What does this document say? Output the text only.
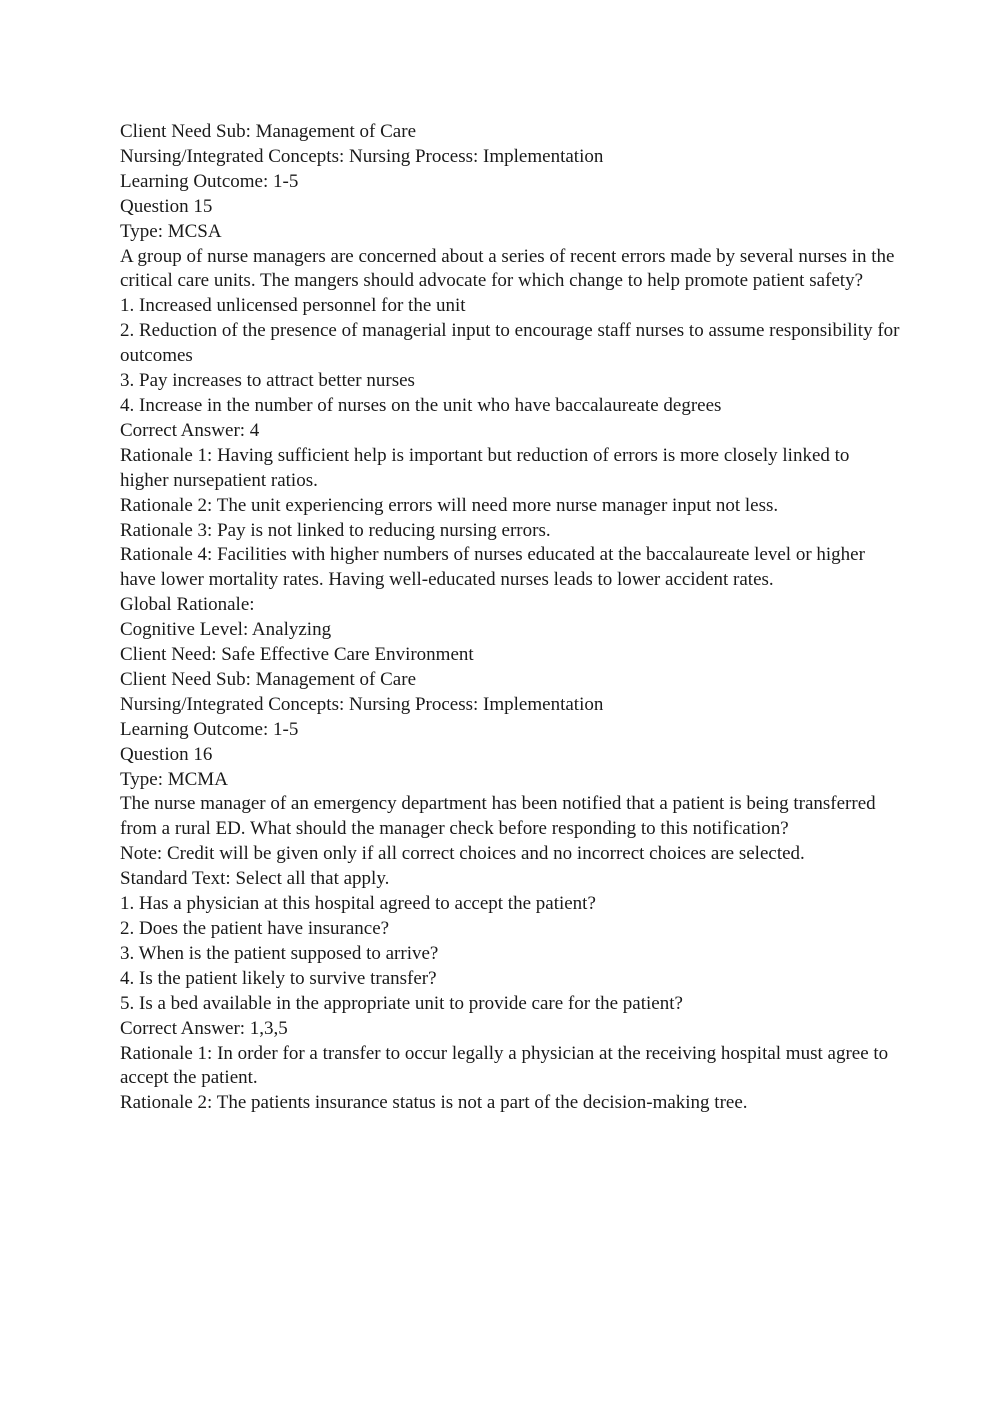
Client Need Sub: Management of Care
Nursing/Integrated Concepts: Nursing Process: Implementation
Learning Outcome: 1-5
Question 15
Type: MCSA
A group of nurse managers are concerned about a series of recent errors made by several nurses in the critical care units. The mangers should advocate for which change to help promote patient safety?
1. Increased unlicensed personnel for the unit
2. Reduction of the presence of managerial input to encourage staff nurses to assume responsibility for outcomes
3. Pay increases to attract better nurses
4. Increase in the number of nurses on the unit who have baccalaureate degrees
Correct Answer: 4
Rationale 1: Having sufficient help is important but reduction of errors is more closely linked to higher nursepatient ratios.
Rationale 2: The unit experiencing errors will need more nurse manager input not less.
Rationale 3: Pay is not linked to reducing nursing errors.
Rationale 4: Facilities with higher numbers of nurses educated at the baccalaureate level or higher have lower mortality rates. Having well-educated nurses leads to lower accident rates.
Global Rationale:
Cognitive Level: Analyzing
Client Need: Safe Effective Care Environment
Client Need Sub: Management of Care
Nursing/Integrated Concepts: Nursing Process: Implementation
Learning Outcome: 1-5
Question 16
Type: MCMA
The nurse manager of an emergency department has been notified that a patient is being transferred from a rural ED. What should the manager check before responding to this notification?
Note: Credit will be given only if all correct choices and no incorrect choices are selected.
Standard Text: Select all that apply.
1. Has a physician at this hospital agreed to accept the patient?
2. Does the patient have insurance?
3. When is the patient supposed to arrive?
4. Is the patient likely to survive transfer?
5. Is a bed available in the appropriate unit to provide care for the patient?
Correct Answer: 1,3,5
Rationale 1: In order for a transfer to occur legally a physician at the receiving hospital must agree to accept the patient.
Rationale 2: The patients insurance status is not a part of the decision-making tree.
